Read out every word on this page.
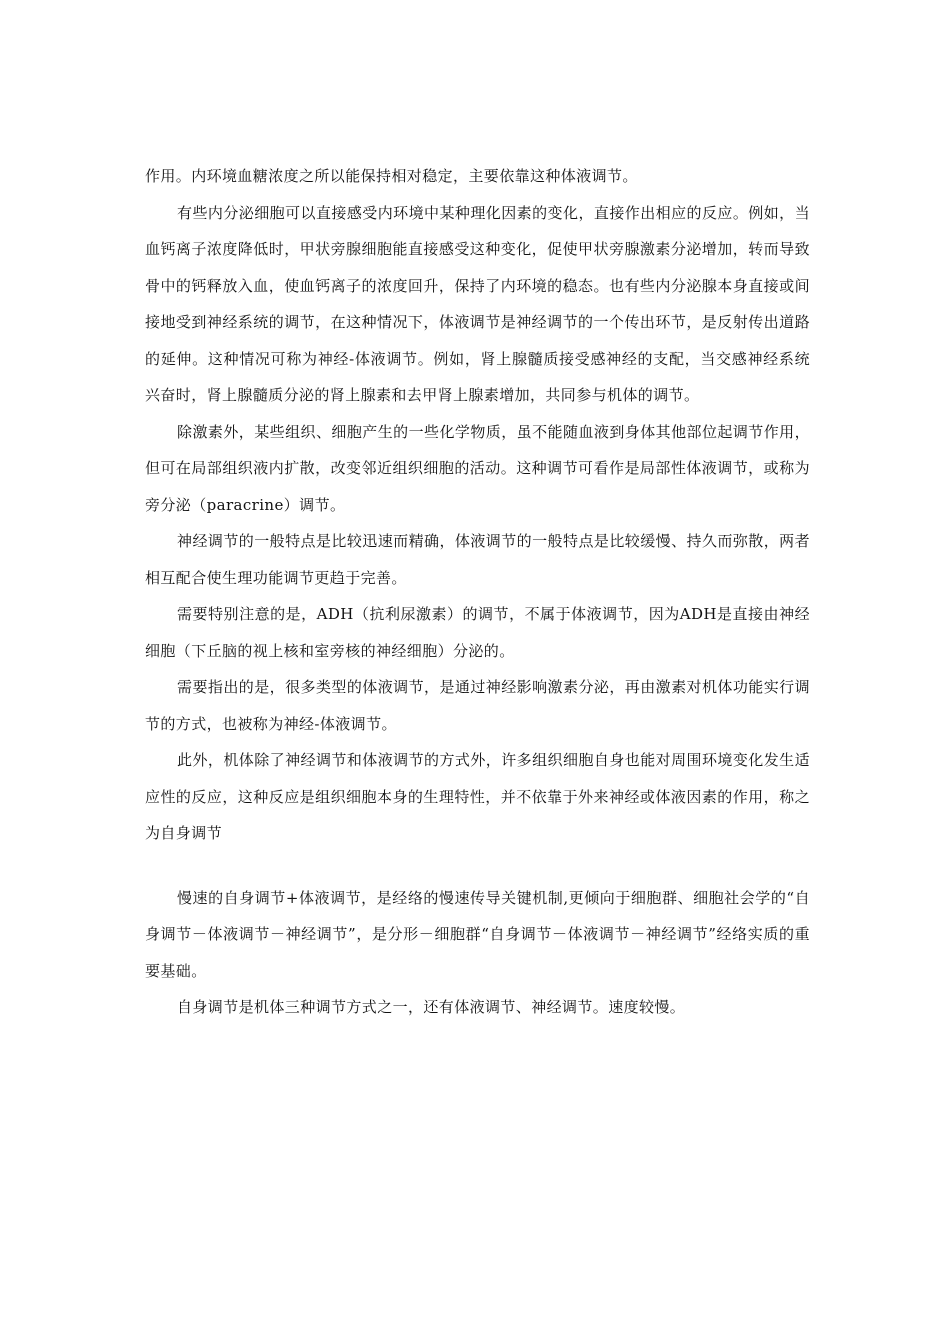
作用。内环境血糖浓度之所以能保持相对稳定，主要依靠这种体液调节。

有些内分泌细胞可以直接感受内环境中某种理化因素的变化，直接作出相应的反应。例如，当血钙离子浓度降低时，甲状旁腺细胞能直接感受这种变化，促使甲状旁腺激素分泌增加，转而导致骨中的钙释放入血，使血钙离子的浓度回升，保持了内环境的稳态。也有些内分泌腺本身直接或间接地受到神经系统的调节，在这种情况下，体液调节是神经调节的一个传出环节，是反射传出道路的延伸。这种情况可称为神经-体液调节。例如，肾上腺髓质接受感神经的支配，当交感神经系统兴奋时，肾上腺髓质分泌的肾上腺素和去甲肾上腺素增加，共同参与机体的调节。

除激素外，某些组织、细胞产生的一些化学物质，虽不能随血液到身体其他部位起调节作用，但可在局部组织液内扩散，改变邻近组织细胞的活动。这种调节可看作是局部性体液调节，或称为旁分泌（paracrine）调节。

神经调节的一般特点是比较迅速而精确，体液调节的一般特点是比较缓慢、持久而弥散，两者相互配合使生理功能调节更趋于完善。

需要特别注意的是，ADH（抗利尿激素）的调节，不属于体液调节，因为ADH是直接由神经细胞（下丘脑的视上核和室旁核的神经细胞）分泌的。

需要指出的是，很多类型的体液调节，是通过神经影响激素分泌，再由激素对机体功能实行调节的方式，也被称为神经-体液调节。

此外，机体除了神经调节和体液调节的方式外，许多组织细胞自身也能对周围环境变化发生适应性的反应，这种反应是组织细胞本身的生理特性，并不依靠于外来神经或体液因素的作用，称之为自身调节

慢速的自身调节+体液调节，是经络的慢速传导关键机制,更倾向于细胞群、细胞社会学的“自身调节－体液调节－神经调节”，是分形－细胞群“自身调节－体液调节－神经调节”经络实质的重要基础。

自身调节是机体三种调节方式之一，还有体液调节、神经调节。速度较慢。
